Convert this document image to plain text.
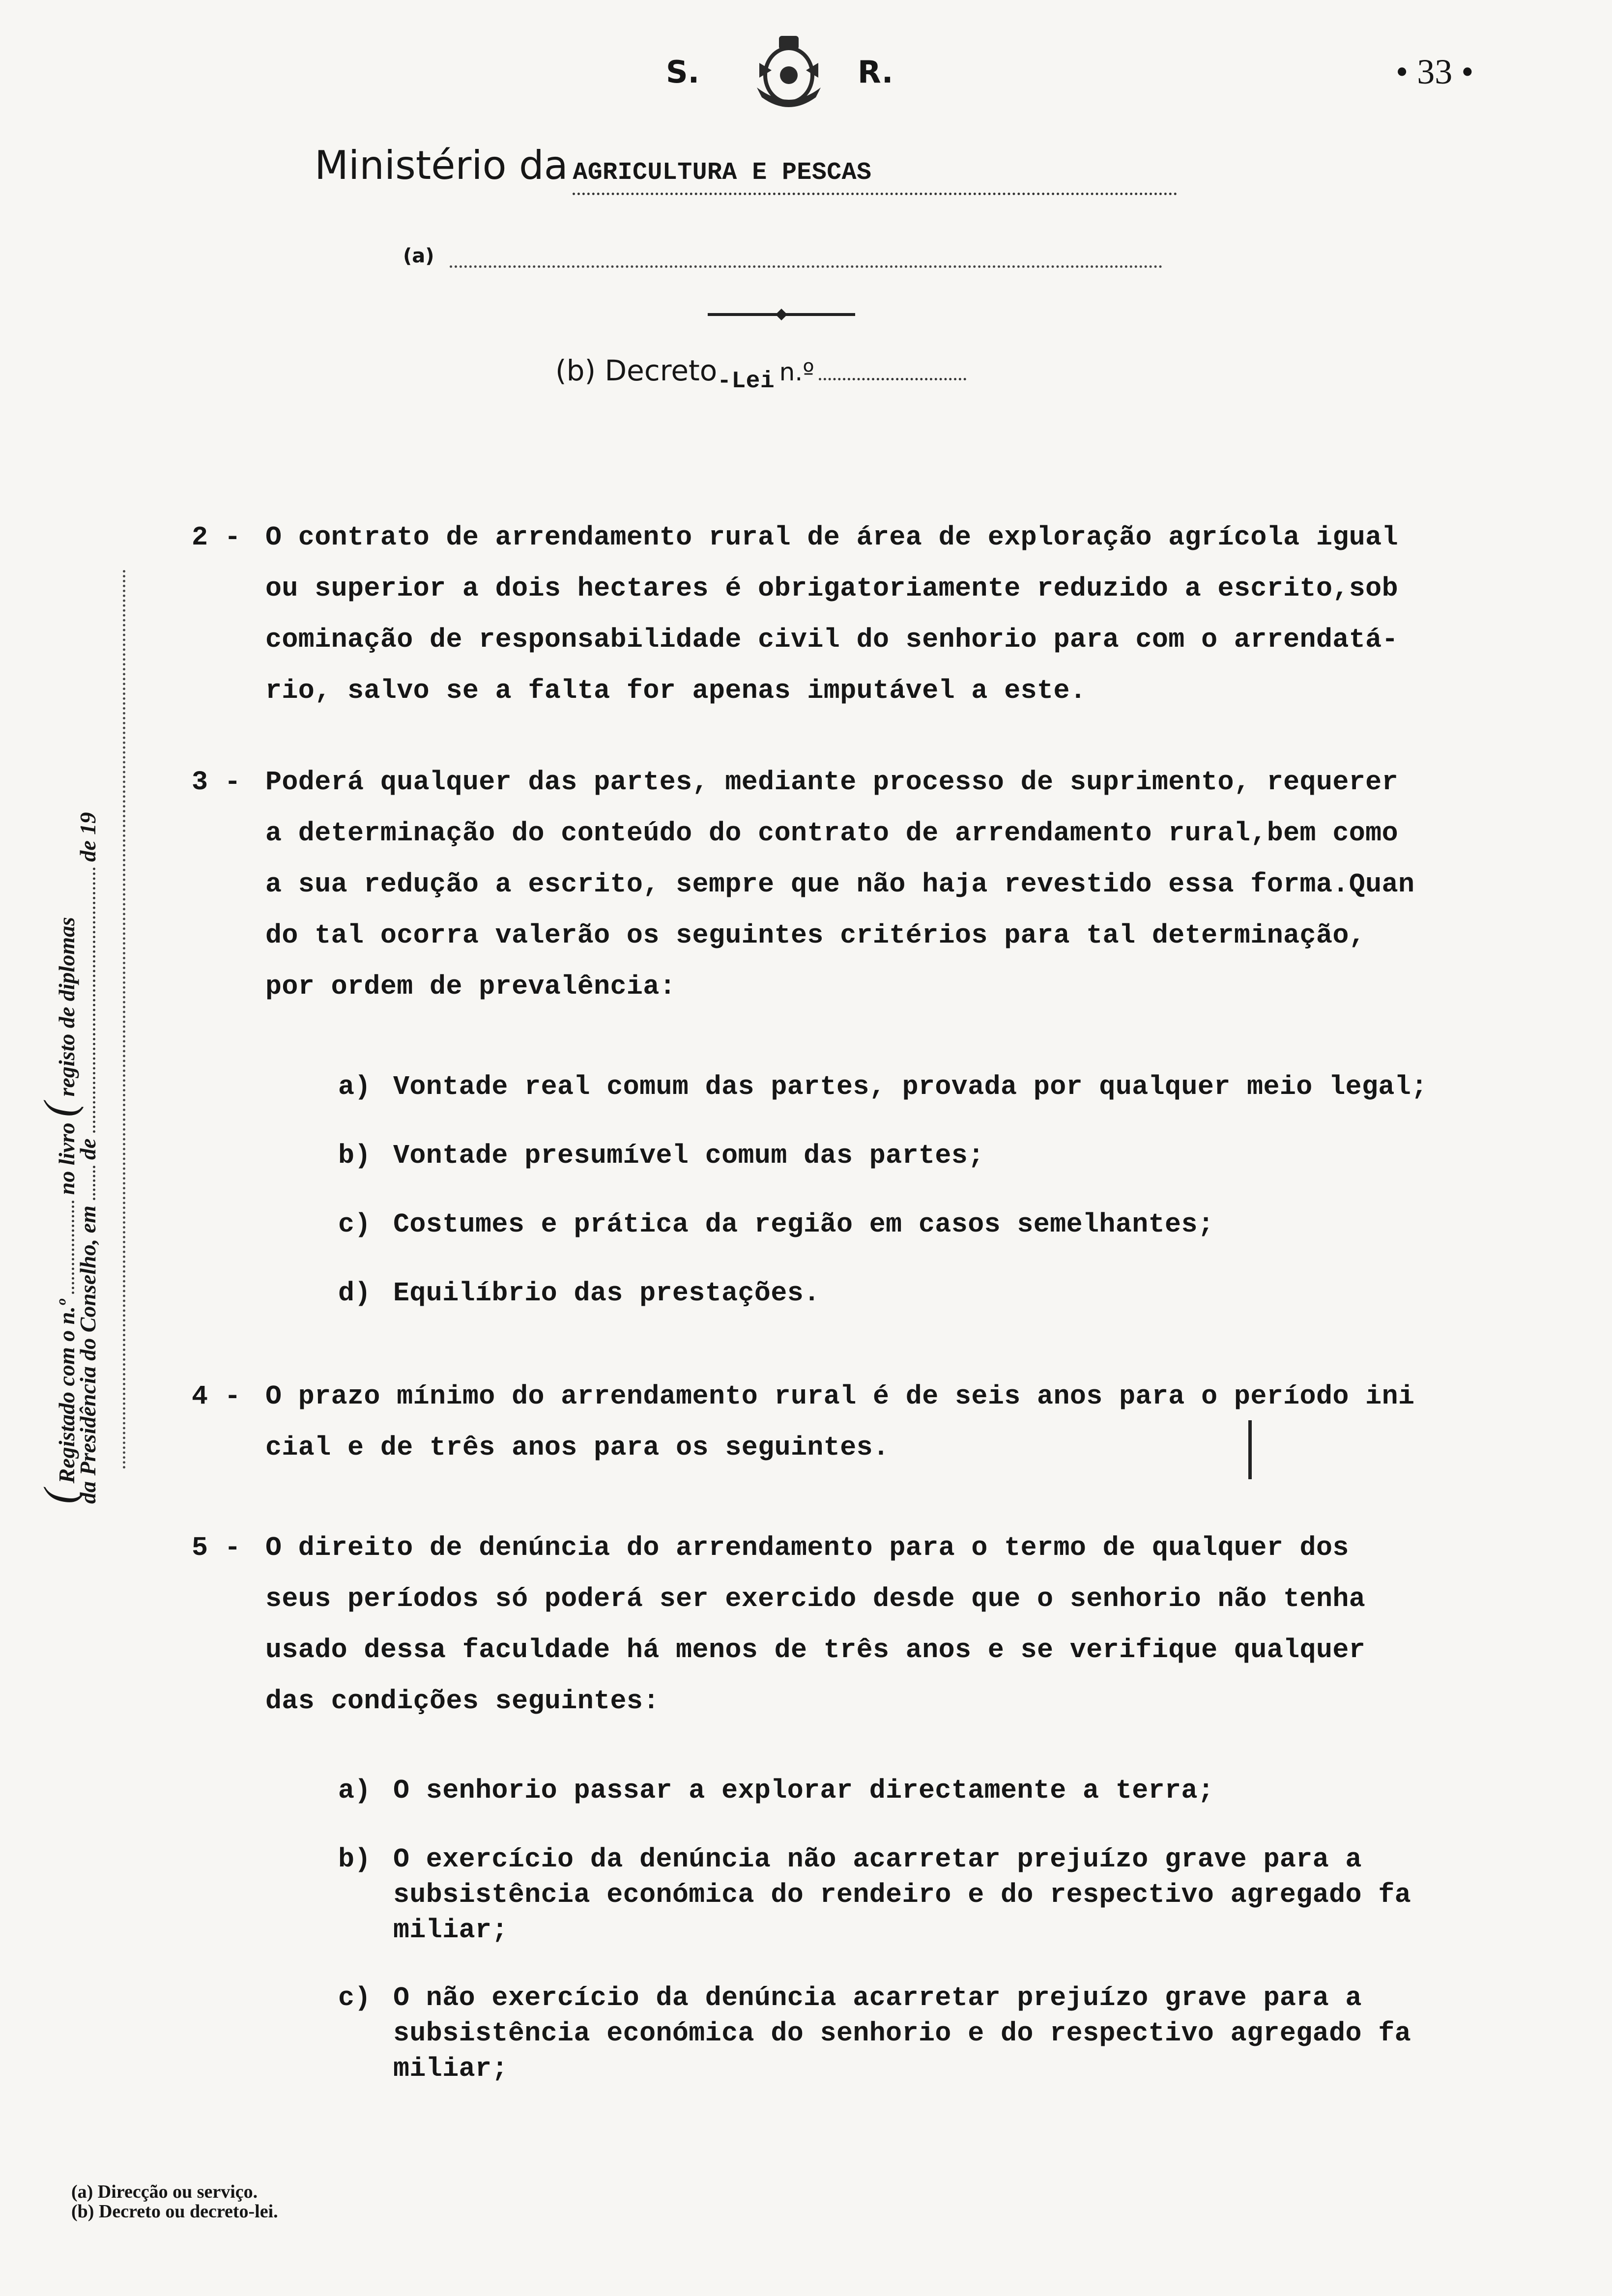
S.	R.	• 33 •
Ministério da AGRICULTURA E PESCAS
(a)
(b) Decreto-Lei n.º
( Registado com o n.º  no livro ( registo de diplomas
da Presidência do Conselho, em  de  de 19
2 - O contrato de arrendamento rural de área de exploração agrícola igual
ou superior a dois hectares é obrigatoriamente reduzido a escrito,sob
cominação de responsabilidade civil do senhorio para com o arrendatá-
rio, salvo se a falta for apenas imputável a este.
3 - Poderá qualquer das partes, mediante processo de suprimento, requerer
a determinação do conteúdo do contrato de arrendamento rural,bem como
a sua redução a escrito, sempre que não haja revestido essa forma.Quan
do tal ocorra valerão os seguintes critérios para tal determinação,
por ordem de prevalência:
a) Vontade real comum das partes, provada por qualquer meio legal;
b) Vontade presumível comum das partes;
c) Costumes e prática da região em casos semelhantes;
d) Equilíbrio das prestações.
4 - O prazo mínimo do arrendamento rural é de seis anos para o período ini
cial e de três anos para os seguintes.
5 - O direito de denúncia do arrendamento para o termo de qualquer dos
seus períodos só poderá ser exercido desde que o senhorio não tenha
usado dessa faculdade há menos de três anos e se verifique qualquer
das condições seguintes:
a) O senhorio passar a explorar directamente a terra;
b) O exercício da denúncia não acarretar prejuízo grave para a
subsistência económica do rendeiro e do respectivo agregado fa
miliar;
c) O não exercício da denúncia acarretar prejuízo grave para a
subsistência económica do senhorio e do respectivo agregado fa
miliar;
(a) Direcção ou serviço.
(b) Decreto ou decreto-lei.
